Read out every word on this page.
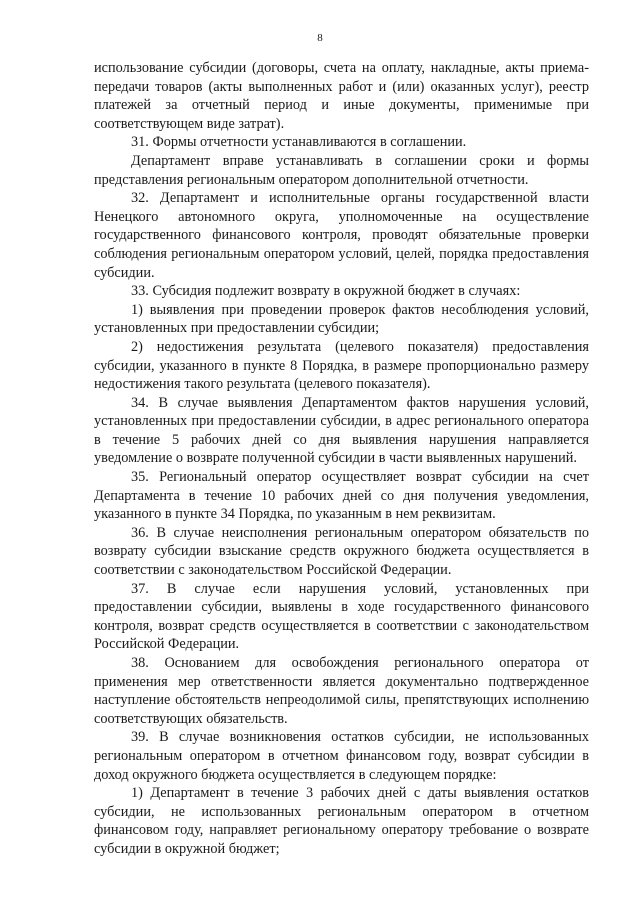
8

использование субсидии (договоры, счета на оплату, накладные, акты приема-передачи товаров (акты выполненных работ и (или) оказанных услуг), реестр платежей за отчетный период и иные документы, применимые при соответствующем виде затрат).

31. Формы отчетности устанавливаются в соглашении.

Департамент вправе устанавливать в соглашении сроки и формы представления региональным оператором дополнительной отчетности.

32. Департамент и исполнительные органы государственной власти Ненецкого автономного округа, уполномоченные на осуществление государственного финансового контроля, проводят обязательные проверки соблюдения региональным оператором условий, целей, порядка предоставления субсидии.

33. Субсидия подлежит возврату в окружной бюджет в случаях:

1) выявления при проведении проверок фактов несоблюдения условий, установленных при предоставлении субсидии;

2) недостижения результата (целевого показателя) предоставления субсидии, указанного в пункте 8 Порядка, в размере пропорционально размеру недостижения такого результата (целевого показателя).

34. В случае выявления Департаментом фактов нарушения условий, установленных при предоставлении субсидии, в адрес регионального оператора в течение 5 рабочих дней со дня выявления нарушения направляется уведомление о возврате полученной субсидии в части выявленных нарушений.

35. Региональный оператор осуществляет возврат субсидии на счет Департамента в течение 10 рабочих дней со дня получения уведомления, указанного в пункте 34 Порядка, по указанным в нем реквизитам.

36. В случае неисполнения региональным оператором обязательств по возврату субсидии взыскание средств окружного бюджета осуществляется в соответствии с законодательством Российской Федерации.

37. В случае если нарушения условий, установленных при предоставлении субсидии, выявлены в ходе государственного финансового контроля, возврат средств осуществляется в соответствии с законодательством Российской Федерации.

38. Основанием для освобождения регионального оператора от применения мер ответственности является документально подтвержденное наступление обстоятельств непреодолимой силы, препятствующих исполнению соответствующих обязательств.

39. В случае возникновения остатков субсидии, не использованных региональным оператором в отчетном финансовом году, возврат субсидии в доход окружного бюджета осуществляется в следующем порядке:

1) Департамент в течение 3 рабочих дней с даты выявления остатков субсидии, не использованных региональным оператором в отчетном финансовом году, направляет региональному оператору требование о возврате субсидии в окружной бюджет;
